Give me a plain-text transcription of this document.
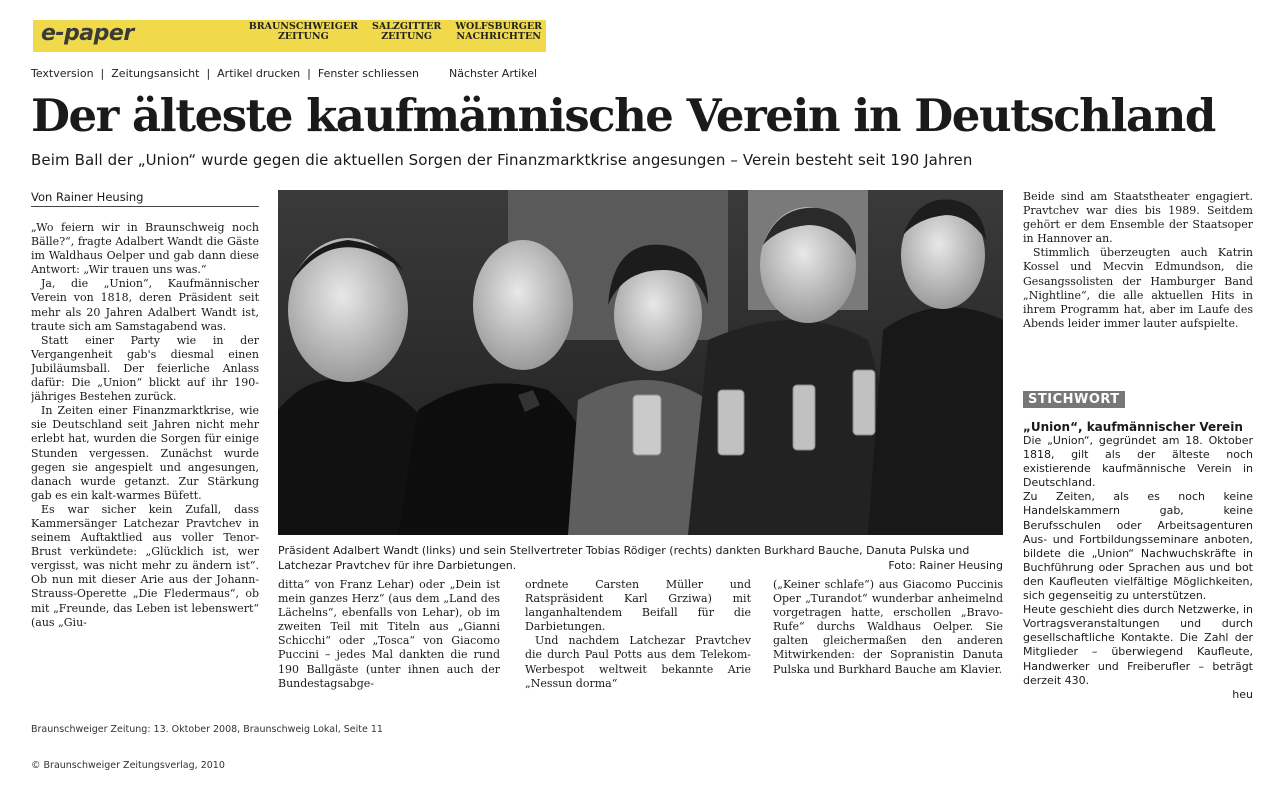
e-paper	BRAUNSCHWEIGER
ZEITUNG
SALZGITTER
ZEITUNG
WOLFSBURGER
NACHRICHTEN
Textversion | Zeitungsansicht | Artikel drucken | Fenster schliessen	Nächster Artikel
Der älteste kaufmännische Verein in Deutschland
Beim Ball der „Union“ wurde gegen die aktuellen Sorgen der Finanzmarktkrise angesungen – Verein besteht seit 190 Jahren
Von Rainer Heusing

„Wo feiern wir in Braunschweig noch Bälle?“, fragte Adalbert Wandt die Gäste im Waldhaus Oelper und gab dann diese Antwort: „Wir trauen uns was.“

Ja, die „Union“, Kaufmännischer Verein von 1818, deren Präsident seit mehr als 20 Jahren Adalbert Wandt ist, traute sich am Samstagabend was.

Statt einer Party wie in der Vergangenheit gab's diesmal einen Jubiläumsball. Der feierliche Anlass dafür: Die „Union“ blickt auf ihr 190-jähriges Bestehen zurück.

In Zeiten einer Finanzmarktkrise, wie sie Deutschland seit Jahren nicht mehr erlebt hat, wurden die Sorgen für einige Stunden vergessen. Zunächst wurde gegen sie angespielt und angesungen, danach wurde getanzt. Zur Stärkung gab es ein kalt-warmes Büfett.

Es war sicher kein Zufall, dass Kammersänger Latchezar Pravtchev in seinem Auftaktlied aus voller Tenor-Brust verkündete: „Glücklich ist, wer vergisst, was nicht mehr zu ändern ist“. Ob nun mit dieser Arie aus der Johann-Strauss-Operette „Die Fledermaus“, ob mit „Freunde, das Leben ist lebenswert“ (aus „Giu-

Präsident Adalbert Wandt (links) und sein Stellvertreter Tobias Rödiger (rechts) dankten Burkhard Bauche, Danuta Pulska und Latchezar Pravtchev für ihre Darbietungen.	Foto: Rainer Heusing

ditta“ von Franz Lehar) oder „Dein ist mein ganzes Herz“ (aus dem „Land des Lächelns“, ebenfalls von Lehar), ob im zweiten Teil mit Titeln aus „Gianni Schicchi“ oder „Tosca“ von Giacomo Puccini – jedes Mal dankten die rund 190 Ballgäste (unter ihnen auch der Bundestagsabge-

ordnete Carsten Müller und Ratspräsident Karl Grziwa) mit langanhaltendem Beifall für die Darbietungen.

Und nachdem Latchezar Pravtchev die durch Paul Potts aus dem Telekom-Werbespot weltweit bekannte Arie „Nessun dorma“

(„Keiner schlafe“) aus Giacomo Puccinis Oper „Turandot“ wunderbar anheimelnd vorgetragen hatte, erschollen „Bravo-Rufe“ durchs Waldhaus Oelper. Sie galten gleichermaßen den anderen Mitwirkenden: der Sopranistin Danuta Pulska und Burkhard Bauche am Klavier.

Beide sind am Staatstheater engagiert. Pravtchev war dies bis 1989. Seitdem gehört er dem Ensemble der Staatsoper in Hannover an.

Stimmlich überzeugten auch Katrin Kossel und Mecvin Edmundson, die Gesangssolisten der Hamburger Band „Nightline“, die alle aktuellen Hits in ihrem Programm hat, aber im Laufe des Abends leider immer lauter aufspielte.

STICHWORT
„Union“, kaufmännischer Verein

Die „Union“, gegründet am 18. Oktober 1818, gilt als der älteste noch existierende kaufmännische Verein in Deutschland.

Zu Zeiten, als es noch keine Handelskammern gab, keine Berufsschulen oder Arbeitsagenturen Aus- und Fortbildungsseminare anboten, bildete die „Union“ Nachwuchskräfte in Buchführung oder Sprachen aus und bot den Kaufleuten vielfältige Möglichkeiten, sich gegenseitig zu unterstützen.

Heute geschieht dies durch Netzwerke, in Vortragsveranstaltungen und durch gesellschaftliche Kontakte. Die Zahl der Mitglieder – überwiegend Kaufleute, Handwerker und Freiberufler – beträgt derzeit 430.

heu

Braunschweiger Zeitung: 13. Oktober 2008, Braunschweig Lokal, Seite 11
© Braunschweiger Zeitungsverlag, 2010
